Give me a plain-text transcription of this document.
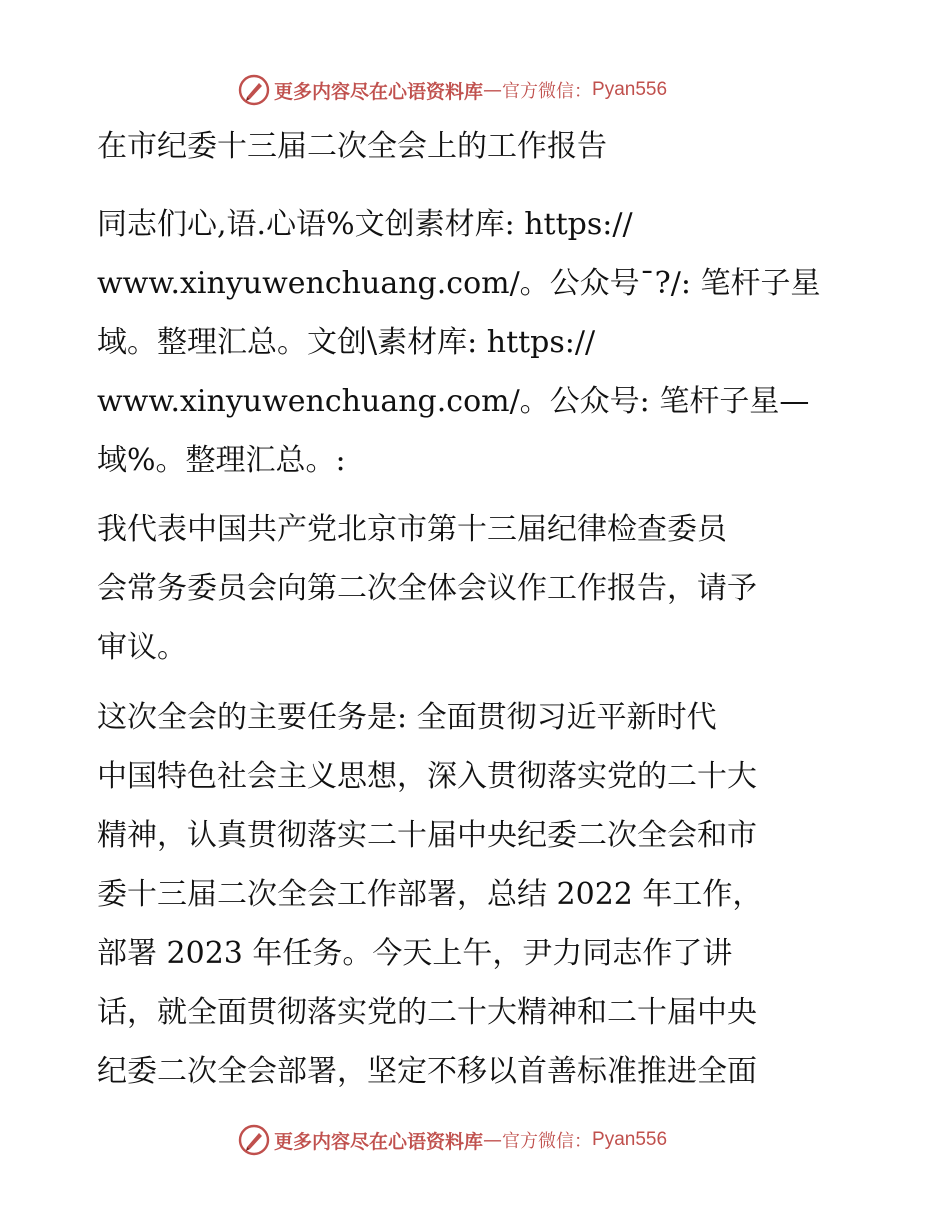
更多内容尽在心语资料库 — 官方微信： Pyan556
在市纪委十三届二次全会上的工作报告

同志们心,语.心语%文创素材库: https://
www.xinyuwenchuang.com/。公众号¯?/: 笔杆子星
域。整理汇总。文创\素材库: https://
www.xinyuwenchuang.com/。公众号: 笔杆子星—
域%。整理汇总。:

我代表中国共产党北京市第十三届纪律检查委员
会常务委员会向第二次全体会议作工作报告，请予
审议。

这次全会的主要任务是: 全面贯彻习近平新时代
中国特色社会主义思想，深入贯彻落实党的二十大
精神，认真贯彻落实二十届中央纪委二次全会和市
委十三届二次全会工作部署，总结 2022 年工作，
部署 2023 年任务。今天上午，尹力同志作了讲
话，就全面贯彻落实党的二十大精神和二十届中央
纪委二次全会部署，坚定不移以首善标准推进全面

更多内容尽在心语资料库 — 官方微信： Pyan556
